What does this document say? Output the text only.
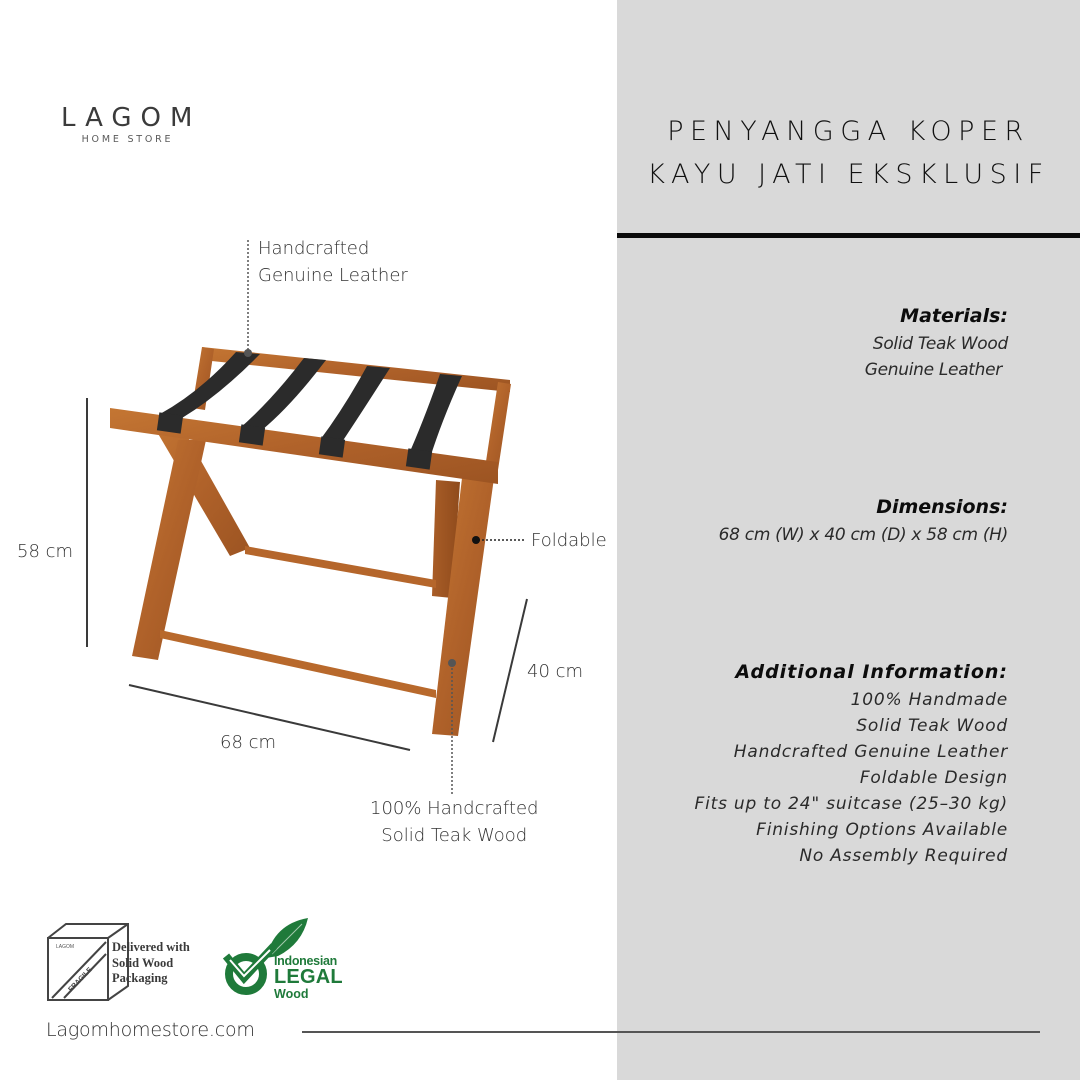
LAGOM
HOME STORE	PENYANGGA KOPER
KAYU JATI EKSKLUSIF
Materials:
Solid Teak Wood
Genuine Leather
Dimensions:
68 cm (W) x 40 cm (D) x 58 cm (H)
Additional Information:
100% Handmade
Solid Teak Wood
Handcrafted Genuine Leather
Foldable Design
Fits up to 24" suitcase (25–30 kg)
Finishing Options Available
No Assembly Required
Handcrafted
Genuine Leather
Foldable
100% Handcrafted
Solid Teak Wood
58 cm
68 cm
40 cm
LAGOM
FRAGILE
Delivered with
Solid Wood
Packaging
Indonesian
LEGAL
Wood
Lagomhomestore.com
